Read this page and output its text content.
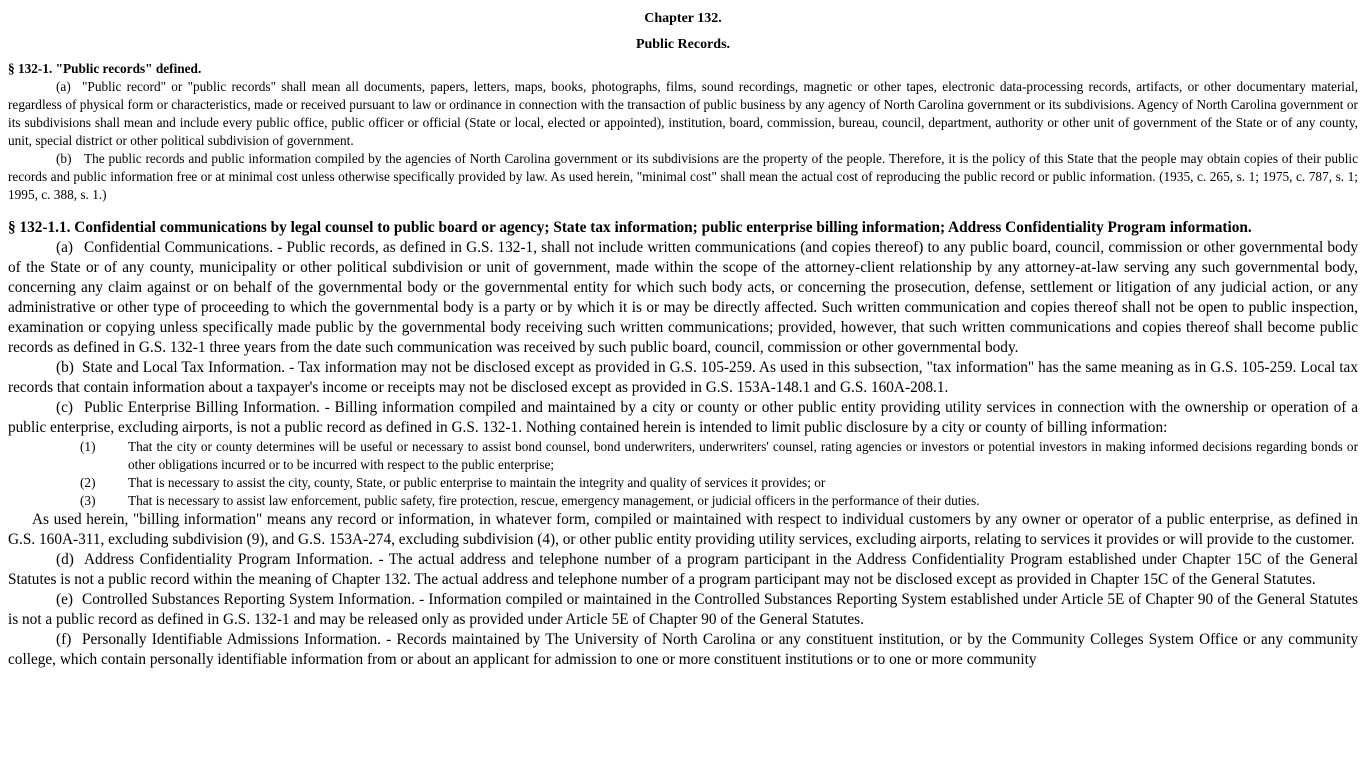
Chapter 132.

Public Records.

§ 132-1. "Public records" defined.

(a) "Public record" or "public records" shall mean all documents, papers, letters, maps, books, photographs, films, sound recordings, magnetic or other tapes, electronic data-processing records, artifacts, or other documentary material, regardless of physical form or characteristics, made or received pursuant to law or ordinance in connection with the transaction of public business by any agency of North Carolina government or its subdivisions. Agency of North Carolina government or its subdivisions shall mean and include every public office, public officer or official (State or local, elected or appointed), institution, board, commission, bureau, council, department, authority or other unit of government of the State or of any county, unit, special district or other political subdivision of government.

(b) The public records and public information compiled by the agencies of North Carolina government or its subdivisions are the property of the people. Therefore, it is the policy of this State that the people may obtain copies of their public records and public information free or at minimal cost unless otherwise specifically provided by law. As used herein, "minimal cost" shall mean the actual cost of reproducing the public record or public information. (1935, c. 265, s. 1; 1975, c. 787, s. 1; 1995, c. 388, s. 1.)

§ 132-1.1. Confidential communications by legal counsel to public board or agency; State tax information; public enterprise billing information; Address Confidentiality Program information.

(a) Confidential Communications. - Public records, as defined in G.S. 132-1, shall not include written communications (and copies thereof) to any public board, council, commission or other governmental body of the State or of any county, municipality or other political subdivision or unit of government, made within the scope of the attorney-client relationship by any attorney-at-law serving any such governmental body, concerning any claim against or on behalf of the governmental body or the governmental entity for which such body acts, or concerning the prosecution, defense, settlement or litigation of any judicial action, or any administrative or other type of proceeding to which the governmental body is a party or by which it is or may be directly affected. Such written communication and copies thereof shall not be open to public inspection, examination or copying unless specifically made public by the governmental body receiving such written communications; provided, however, that such written communications and copies thereof shall become public records as defined in G.S. 132-1 three years from the date such communication was received by such public board, council, commission or other governmental body.

(b) State and Local Tax Information. - Tax information may not be disclosed except as provided in G.S. 105-259. As used in this subsection, "tax information" has the same meaning as in G.S. 105-259. Local tax records that contain information about a taxpayer's income or receipts may not be disclosed except as provided in G.S. 153A-148.1 and G.S. 160A-208.1.

(c) Public Enterprise Billing Information. - Billing information compiled and maintained by a city or county or other public entity providing utility services in connection with the ownership or operation of a public enterprise, excluding airports, is not a public record as defined in G.S. 132-1. Nothing contained herein is intended to limit public disclosure by a city or county of billing information:

(1) That the city or county determines will be useful or necessary to assist bond counsel, bond underwriters, underwriters' counsel, rating agencies or investors or potential investors in making informed decisions regarding bonds or other obligations incurred or to be incurred with respect to the public enterprise;

(2) That is necessary to assist the city, county, State, or public enterprise to maintain the integrity and quality of services it provides; or

(3) That is necessary to assist law enforcement, public safety, fire protection, rescue, emergency management, or judicial officers in the performance of their duties.

As used herein, "billing information" means any record or information, in whatever form, compiled or maintained with respect to individual customers by any owner or operator of a public enterprise, as defined in G.S. 160A-311, excluding subdivision (9), and G.S. 153A-274, excluding subdivision (4), or other public entity providing utility services, excluding airports, relating to services it provides or will provide to the customer.

(d) Address Confidentiality Program Information. - The actual address and telephone number of a program participant in the Address Confidentiality Program established under Chapter 15C of the General Statutes is not a public record within the meaning of Chapter 132. The actual address and telephone number of a program participant may not be disclosed except as provided in Chapter 15C of the General Statutes.

(e) Controlled Substances Reporting System Information. - Information compiled or maintained in the Controlled Substances Reporting System established under Article 5E of Chapter 90 of the General Statutes is not a public record as defined in G.S. 132-1 and may be released only as provided under Article 5E of Chapter 90 of the General Statutes.

(f) Personally Identifiable Admissions Information. - Records maintained by The University of North Carolina or any constituent institution, or by the Community Colleges System Office or any community college, which contain personally identifiable information from or about an applicant for admission to one or more constituent institutions or to one or more community
